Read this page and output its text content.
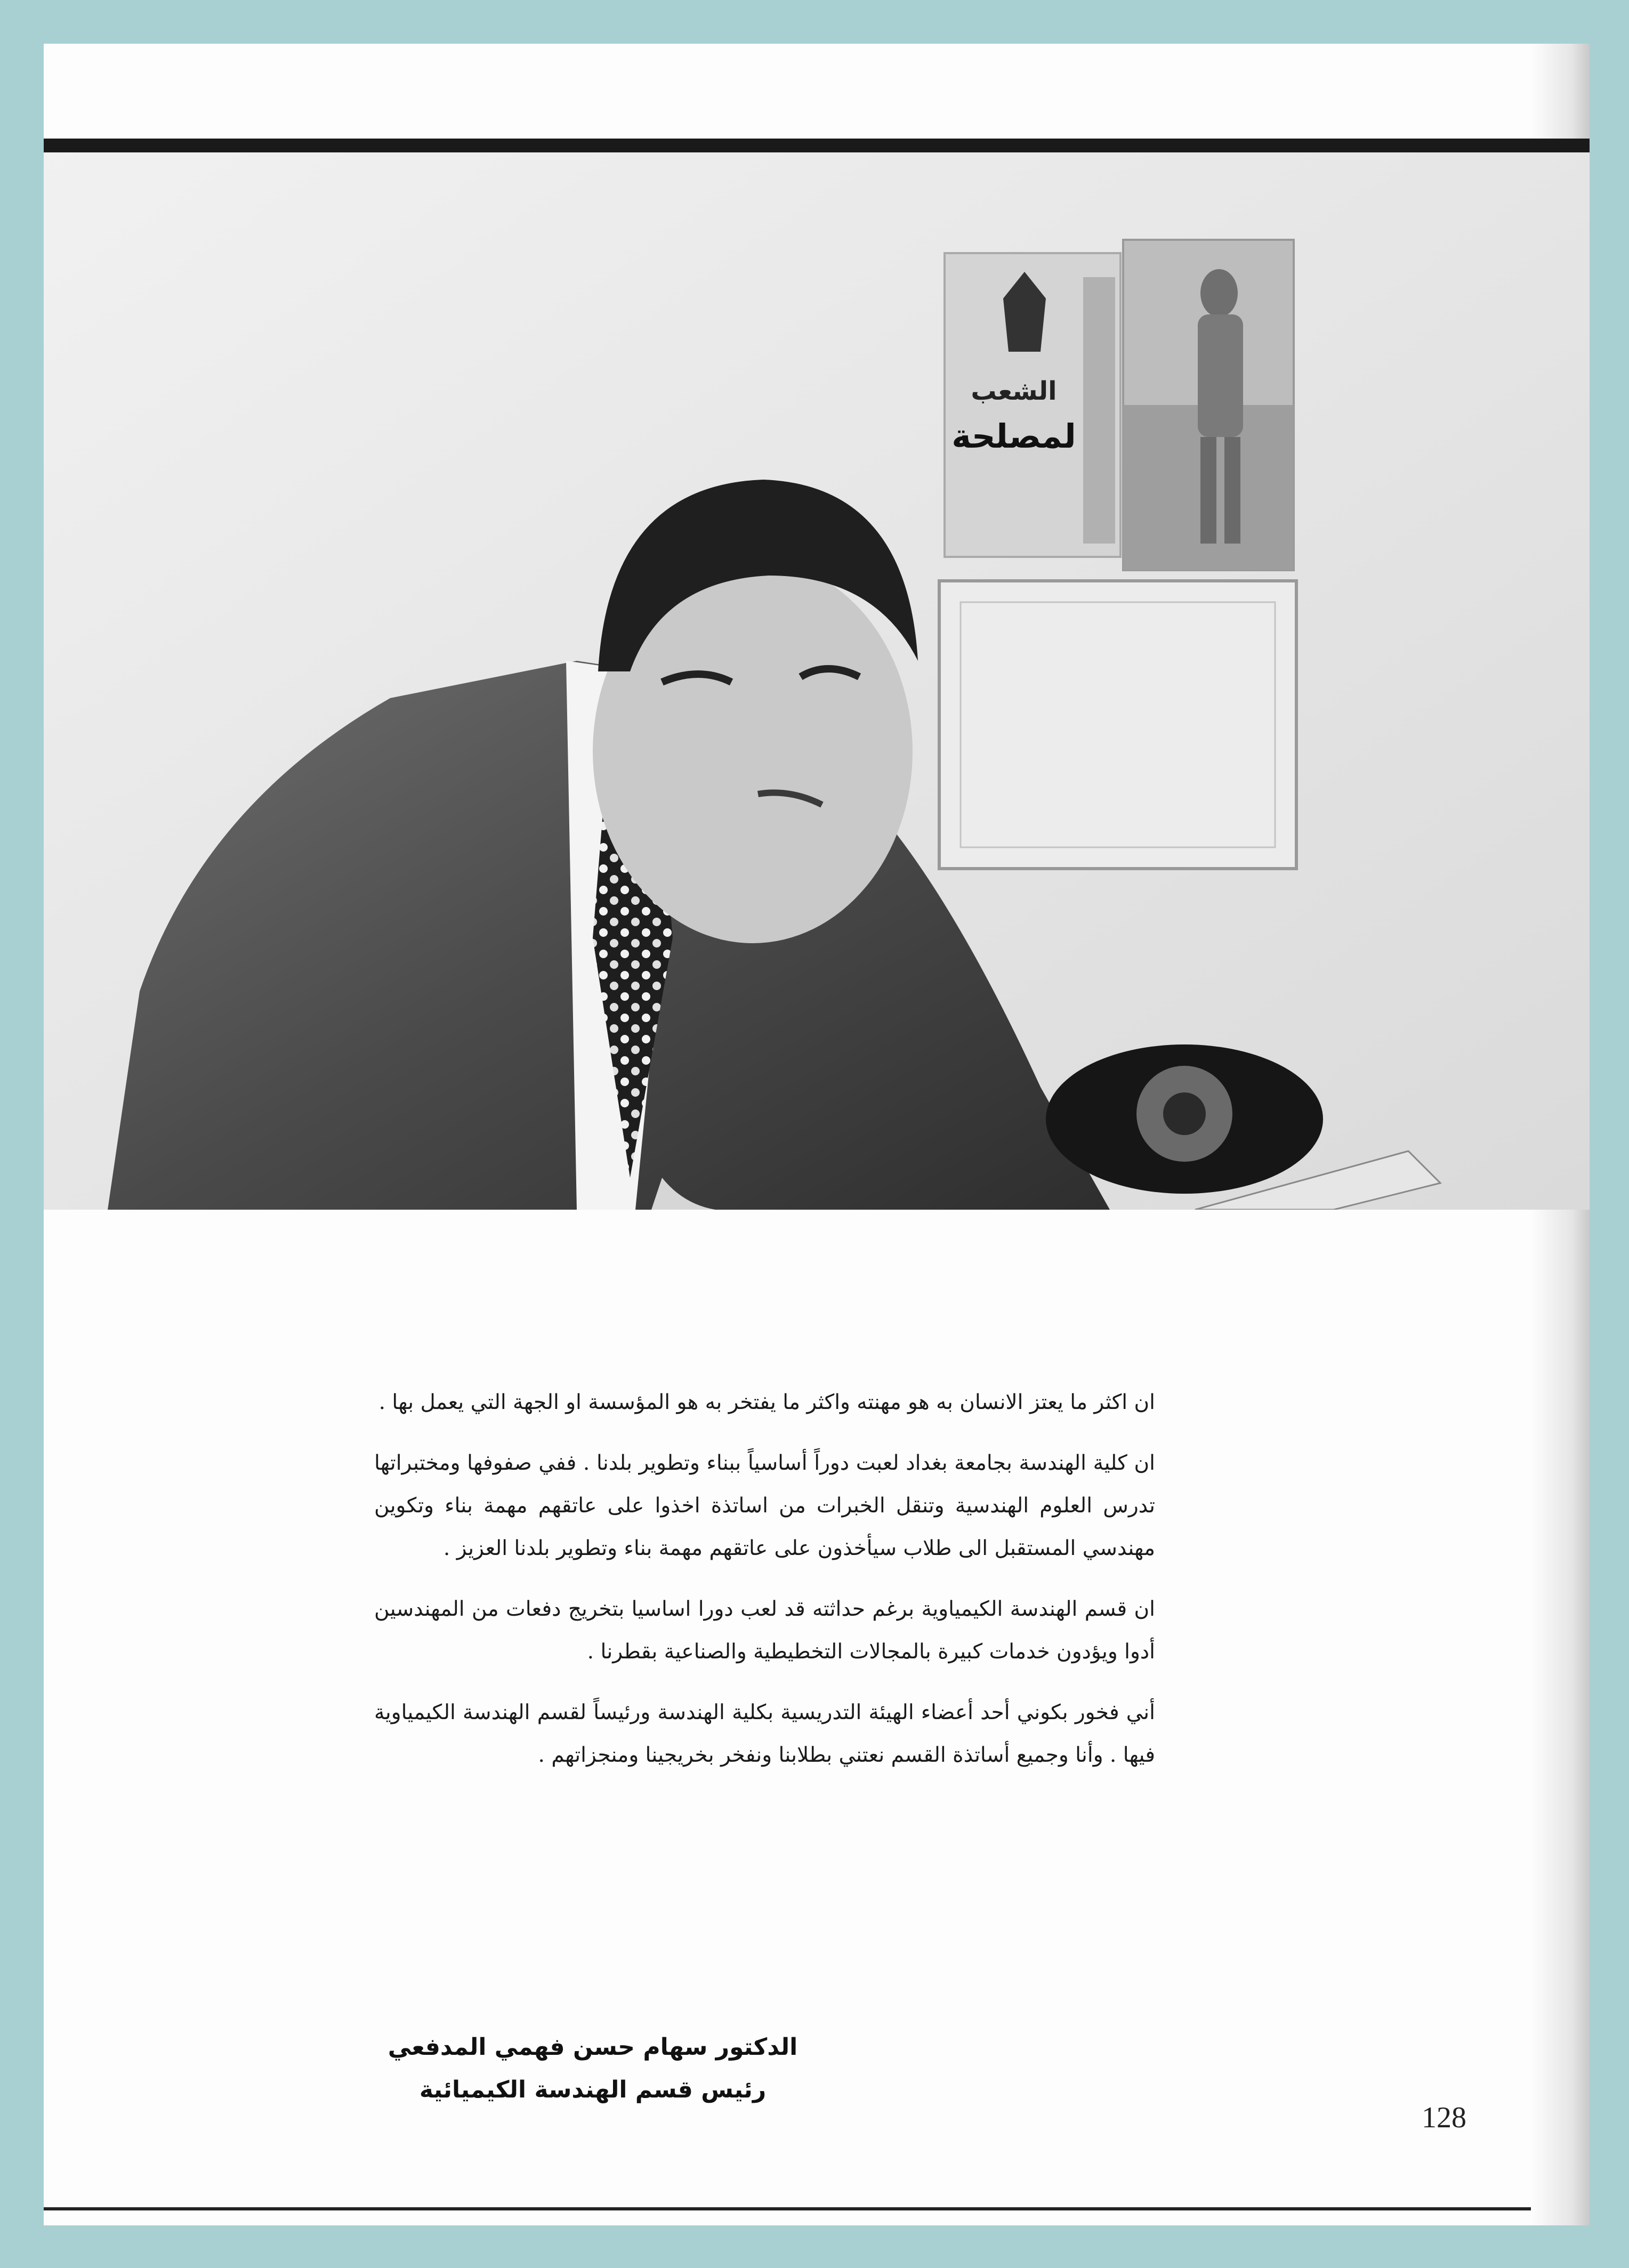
الشعب
لمصلحة

ان اكثر ما يعتز الانسان به هو مهنته واكثر ما يفتخر به هو المؤسسة او الجهة التي يعمل بها .

ان كلية الهندسة بجامعة بغداد لعبت دوراً أساسياً ببناء وتطوير بلدنا . ففي صفوفها ومختبراتها تدرس العلوم الهندسية وتنقل الخبرات من اساتذة اخذوا على عاتقهم مهمة بناء وتكوين مهندسي المستقبل الى طلاب سيأخذون على عاتقهم مهمة بناء وتطوير بلدنا العزيز .

ان قسم الهندسة الكيمياوية برغم حداثته قد لعب دورا اساسيا بتخريج دفعات من المهندسين أدوا ويؤدون خدمات كبيرة بالمجالات التخطيطية والصناعية بقطرنا .

أني فخور بكوني أحد أعضاء الهيئة التدريسية بكلية الهندسة ورئيساً لقسم الهندسة الكيمياوية فيها . وأنا وجميع أساتذة القسم نعتني بطلابنا ونفخر بخريجينا ومنجزاتهم .

الدكتور سهام حسن فهمي المدفعي
رئيس قسم الهندسة الكيميائية
128
